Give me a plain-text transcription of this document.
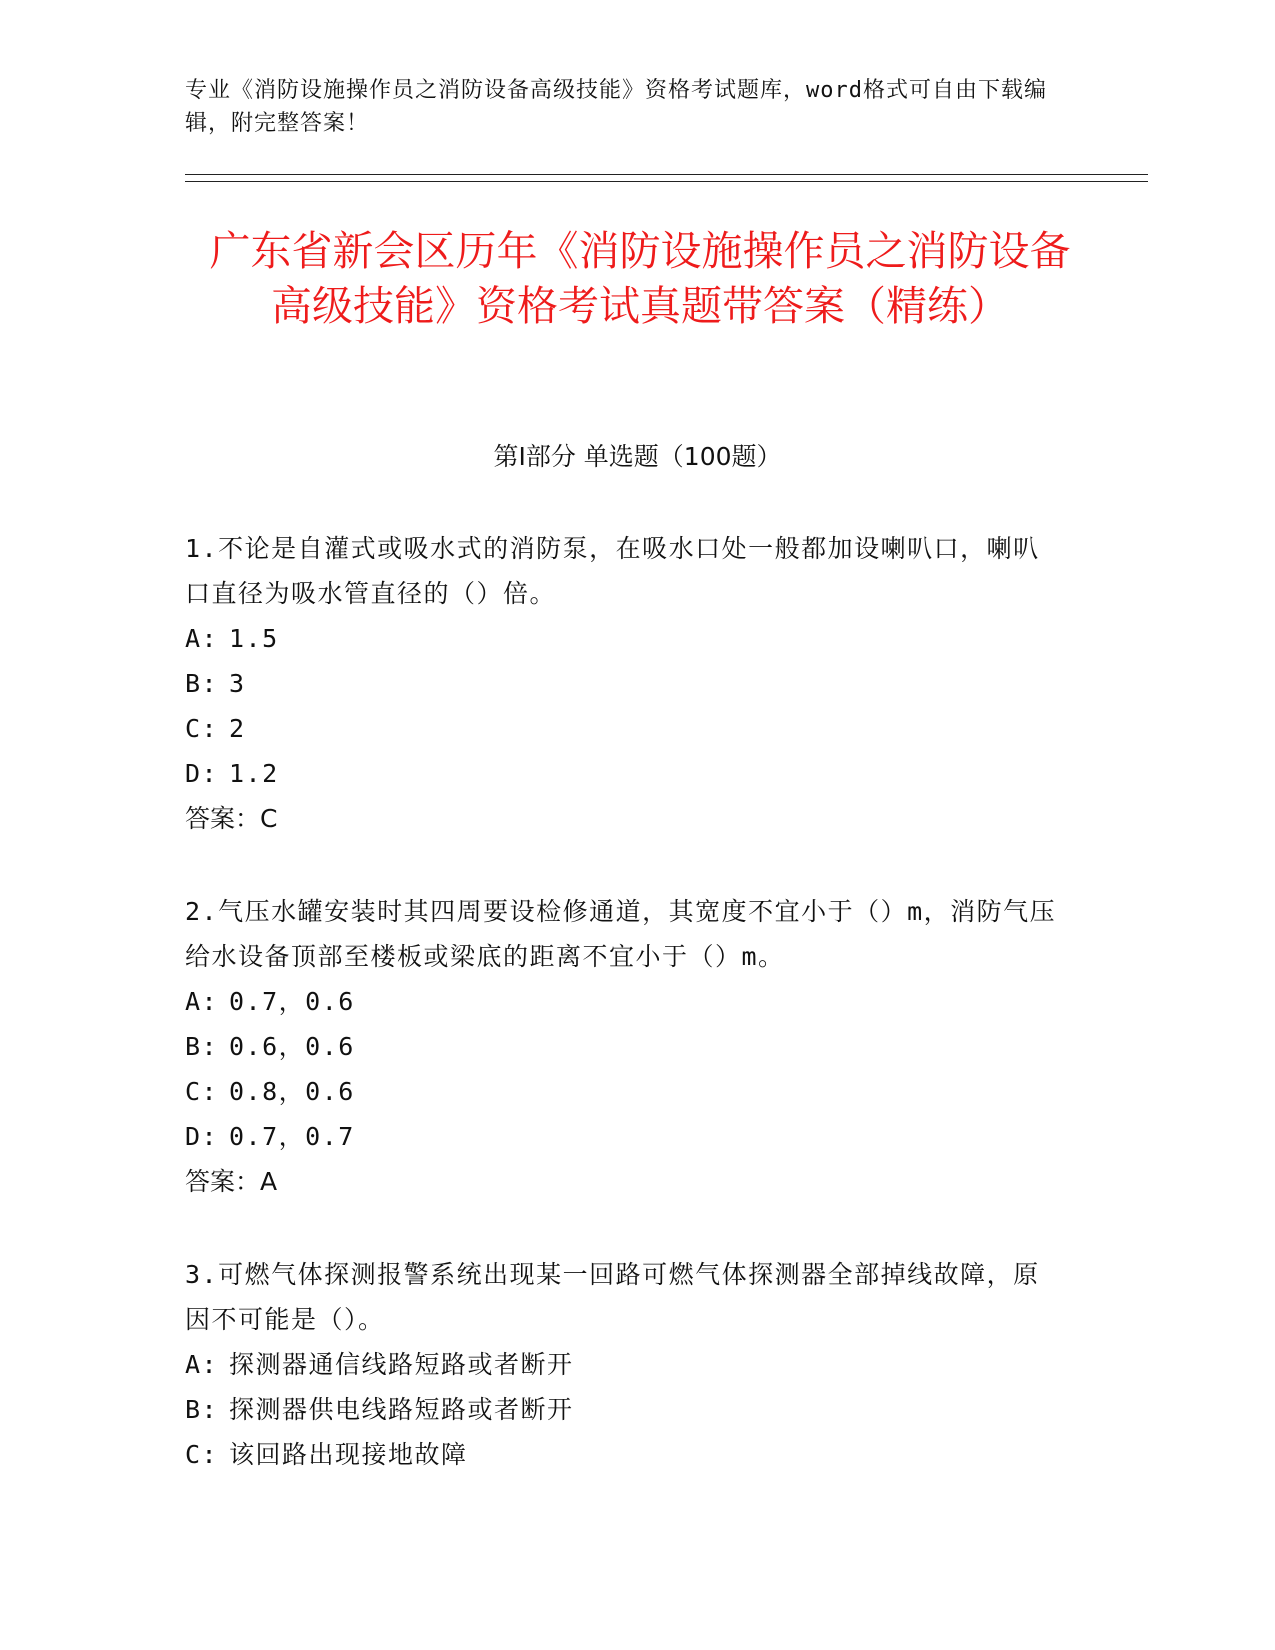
专业《消防设施操作员之消防设备高级技能》资格考试题库，word格式可自由下载编辑，附完整答案！
广东省新会区历年《消防设施操作员之消防设备高级技能》资格考试真题带答案（精练）
第Ⅰ部分 单选题（100题）

1.不论是自灌式或吸水式的消防泵，在吸水口处一般都加设喇叭口，喇叭口直径为吸水管直径的（）倍。

A: 1.5

B: 3

C: 2

D: 1.2

答案：C

2.气压水罐安装时其四周要设检修通道，其宽度不宜小于（）m，消防气压给水设备顶部至楼板或梁底的距离不宜小于（）m。

A: 0.7，0.6

B: 0.6，0.6

C: 0.8，0.6

D: 0.7，0.7

答案：A

3.可燃气体探测报警系统出现某一回路可燃气体探测器全部掉线故障，原因不可能是（）。

A: 探测器通信线路短路或者断开

B: 探测器供电线路短路或者断开

C: 该回路出现接地故障
